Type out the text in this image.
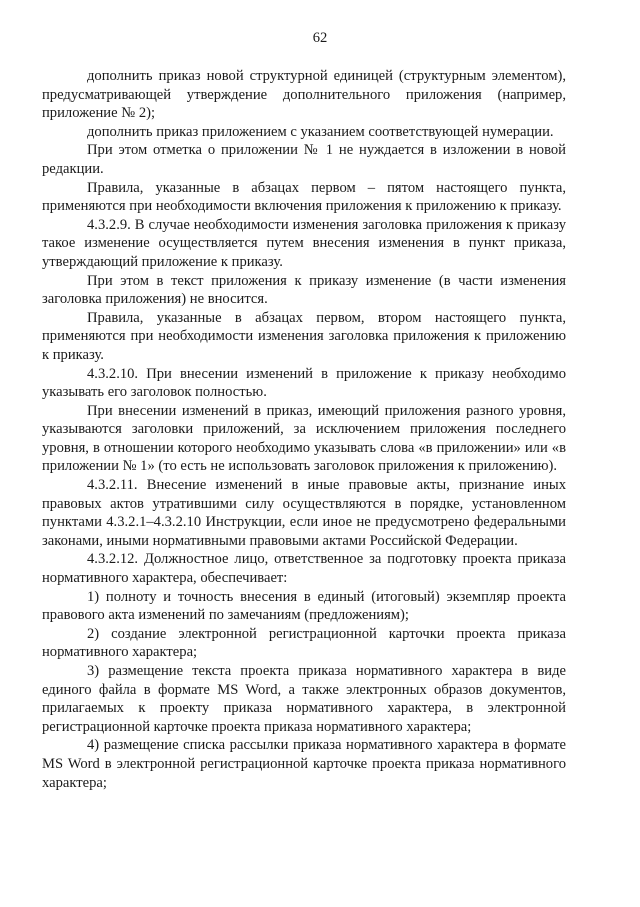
62

дополнить приказ новой структурной единицей (структурным элементом), предусматривающей утверждение дополнительного приложения (например, приложение № 2);

дополнить приказ приложением с указанием соответствующей нумерации.

При этом отметка о приложении № 1 не нуждается в изложении в новой редакции.

Правила, указанные в абзацах первом – пятом настоящего пункта, применяются при необходимости включения приложения к приложению к приказу.

4.3.2.9. В случае необходимости изменения заголовка приложения к приказу такое изменение осуществляется путем внесения изменения в пункт приказа, утверждающий приложение к приказу.

При этом в текст приложения к приказу изменение (в части изменения заголовка приложения) не вносится.

Правила, указанные в абзацах первом, втором настоящего пункта, применяются при необходимости изменения заголовка приложения к приложению к приказу.

4.3.2.10. При внесении изменений в приложение к приказу необходимо указывать его заголовок полностью.

При внесении изменений в приказ, имеющий приложения разного уровня, указываются заголовки приложений, за исключением приложения последнего уровня, в отношении которого необходимо указывать слова «в приложении» или «в приложении № 1» (то есть не использовать заголовок приложения к приложению).

4.3.2.11. Внесение изменений в иные правовые акты, признание иных правовых актов утратившими силу осуществляются в порядке, установленном пунктами 4.3.2.1–4.3.2.10 Инструкции, если иное не предусмотрено федеральными законами, иными нормативными правовыми актами Российской Федерации.

4.3.2.12. Должностное лицо, ответственное за подготовку проекта приказа нормативного характера, обеспечивает:

1) полноту и точность внесения в единый (итоговый) экземпляр проекта правового акта изменений по замечаниям (предложениям);

2) создание электронной регистрационной карточки проекта приказа нормативного характера;

3) размещение текста проекта приказа нормативного характера в виде единого файла в формате MS Word, а также электронных образов документов, прилагаемых к проекту приказа нормативного характера, в электронной регистрационной карточке проекта приказа нормативного характера;

4) размещение списка рассылки приказа нормативного характера в формате MS Word в электронной регистрационной карточке проекта приказа нормативного характера;
